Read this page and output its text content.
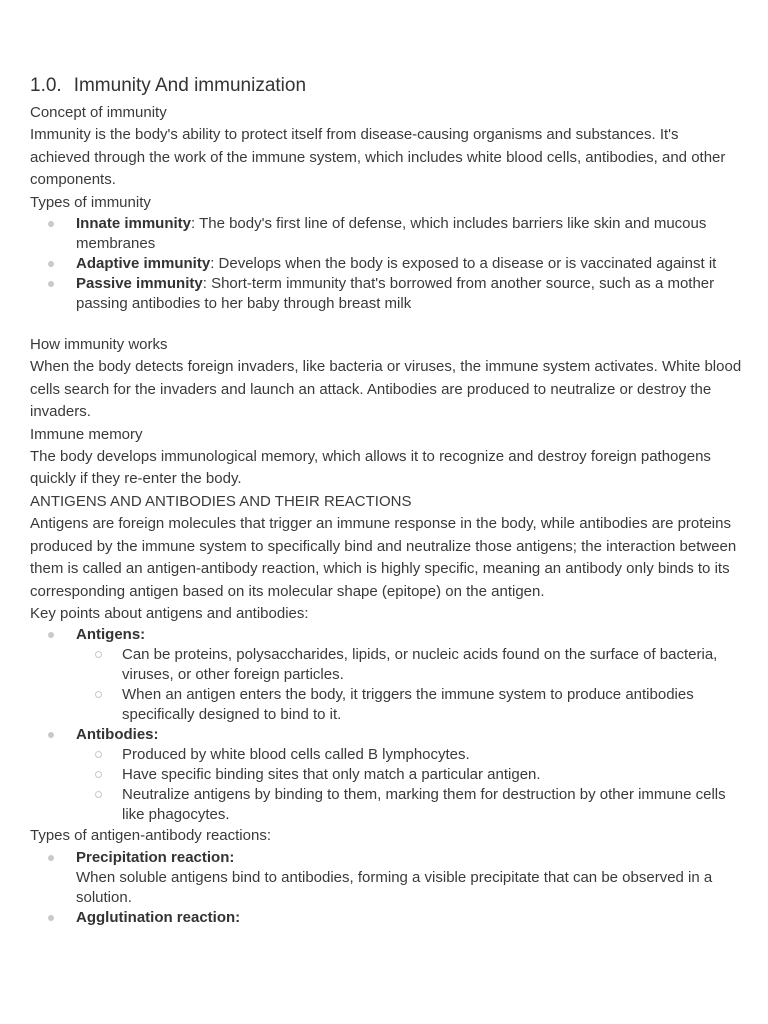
1.0. Immunity And immunization

Concept of immunity

Immunity is the body's ability to protect itself from disease-causing organisms and substances. It's achieved through the work of the immune system, which includes white blood cells, antibodies, and other components.

Types of immunity

Innate immunity: The body's first line of defense, which includes barriers like skin and mucous membranes
Adaptive immunity: Develops when the body is exposed to a disease or is vaccinated against it
Passive immunity: Short-term immunity that's borrowed from another source, such as a mother passing antibodies to her baby through breast milk

How immunity works

When the body detects foreign invaders, like bacteria or viruses, the immune system activates. White blood cells search for the invaders and launch an attack. Antibodies are produced to neutralize or destroy the invaders.

Immune memory

The body develops immunological memory, which allows it to recognize and destroy foreign pathogens quickly if they re-enter the body.

ANTIGENS AND ANTIBODIES AND THEIR REACTIONS

Antigens are foreign molecules that trigger an immune response in the body, while antibodies are proteins produced by the immune system to specifically bind and neutralize those antigens; the interaction between them is called an antigen-antibody reaction, which is highly specific, meaning an antibody only binds to its corresponding antigen based on its molecular shape (epitope) on the antigen.

Key points about antigens and antibodies:

Antigens:
Can be proteins, polysaccharides, lipids, or nucleic acids found on the surface of bacteria, viruses, or other foreign particles.
When an antigen enters the body, it triggers the immune system to produce antibodies specifically designed to bind to it.
Antibodies:
Produced by white blood cells called B lymphocytes.
Have specific binding sites that only match a particular antigen.
Neutralize antigens by binding to them, marking them for destruction by other immune cells like phagocytes.

Types of antigen-antibody reactions:

Precipitation reaction:
When soluble antigens bind to antibodies, forming a visible precipitate that can be observed in a solution.
Agglutination reaction:
